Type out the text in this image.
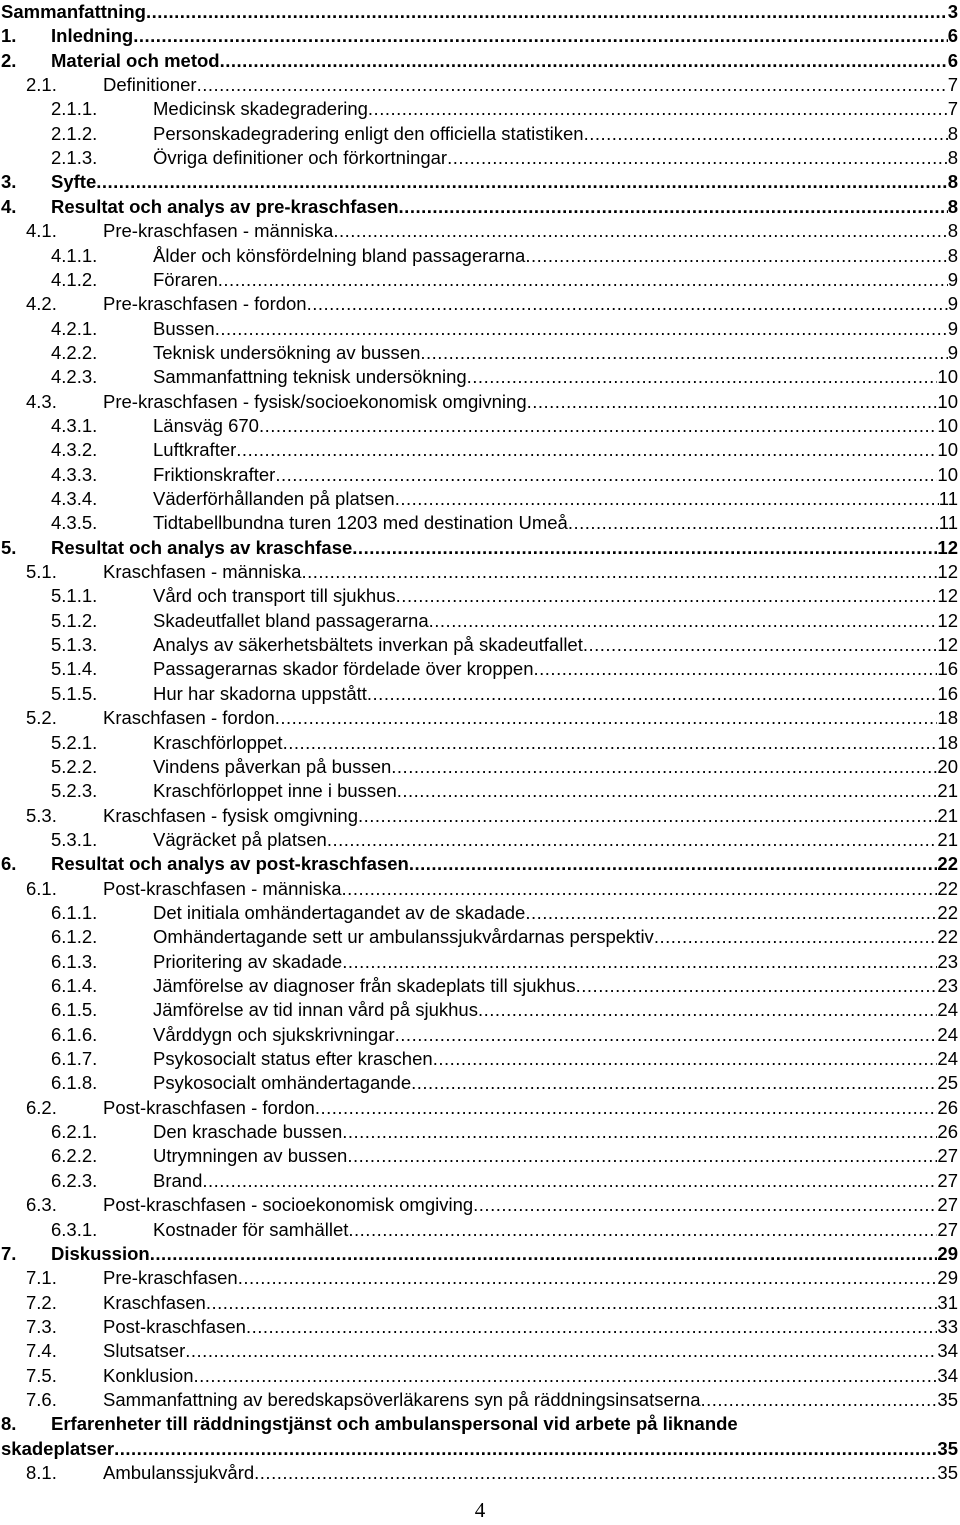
Sammanfattning .....	3
1. Inledning .....	6
2. Material och metod .....	6
2.1. Definitioner .....	7
2.1.1.	Medicinsk skadegradering .....	7
2.1.2.	Personskadegradering enligt den officiella statistiken .....	8
2.1.3.	Övriga definitioner och förkortningar .....	8
3. Syfte .....	8
4. Resultat och analys av pre-kraschfasen .....	8
4.1. Pre-kraschfasen - människa .....	8
4.1.1.	Ålder och könsfördelning bland passagerarna .....	8
4.1.2.	Föraren .....	9
4.2. Pre-kraschfasen - fordon .....	9
4.2.1.	Bussen .....	9
4.2.2.	Teknisk undersökning av bussen .....	9
4.2.3.	Sammanfattning teknisk undersökning .....	10
4.3. Pre-kraschfasen - fysisk/socioekonomisk omgivning .....	10
4.3.1.	Länsväg 670 .....	10
4.3.2.	Luftkrafter .....	10
4.3.3.	Friktionskrafter .....	10
4.3.4.	Väderförhållanden på platsen .....	11
4.3.5.	Tidtabellbundna turen 1203 med destination Umeå .....	11
5. Resultat och analys av kraschfase .....	12
5.1. Kraschfasen - människa .....	12
5.1.1.	Vård och transport till sjukhus .....	12
5.1.2.	Skadeutfallet bland passagerarna .....	12
5.1.3.	Analys av säkerhetsbältets inverkan på skadeutfallet .....	12
5.1.4.	Passagerarnas skador fördelade över kroppen .....	16
5.1.5.	Hur har skadorna uppstått .....	16
5.2. Kraschfasen - fordon .....	18
5.2.1.	Kraschförloppet .....	18
5.2.2.	Vindens påverkan på bussen .....	20
5.2.3.	Kraschförloppet inne i bussen .....	21
5.3. Kraschfasen - fysisk omgivning .....	21
5.3.1.	Vägräcket på platsen .....	21
6. Resultat och analys av post-kraschfasen .....	22
6.1. Post-kraschfasen - människa .....	22
6.1.1.	Det initiala omhändertagandet av de skadade .....	22
6.1.2.	Omhändertagande sett ur ambulanssjukvårdarnas perspektiv .....	22
6.1.3.	Prioritering av skadade .....	23
6.1.4.	Jämförelse av diagnoser från skadeplats till sjukhus .....	23
6.1.5.	Jämförelse av tid innan vård på sjukhus .....	24
6.1.6.	Vårddygn och sjukskrivningar .....	24
6.1.7.	Psykosocialt status efter kraschen .....	24
6.1.8.	Psykosocialt omhändertagande .....	25
6.2. Post-kraschfasen - fordon .....	26
6.2.1.	Den kraschade bussen .....	26
6.2.2.	Utrymningen av bussen .....	27
6.2.3.	Brand .....	27
6.3. Post-kraschfasen - socioekonomisk omgiving .....	27
6.3.1.	Kostnader för samhället .....	27
7. Diskussion .....	29
7.1. Pre-kraschfasen .....	29
7.2. Kraschfasen .....	31
7.3. Post-kraschfasen .....	33
7.4. Slutsatser .....	34
7.5. Konklusion .....	34
7.6. Sammanfattning av beredskapsöverläkarens syn på räddningsinsatserna .....	35
8. Erfarenheter till räddningstjänst och ambulanspersonal vid arbete på liknande
skadeplatser .....	35
8.1. Ambulanssjukvård .....	35
4
